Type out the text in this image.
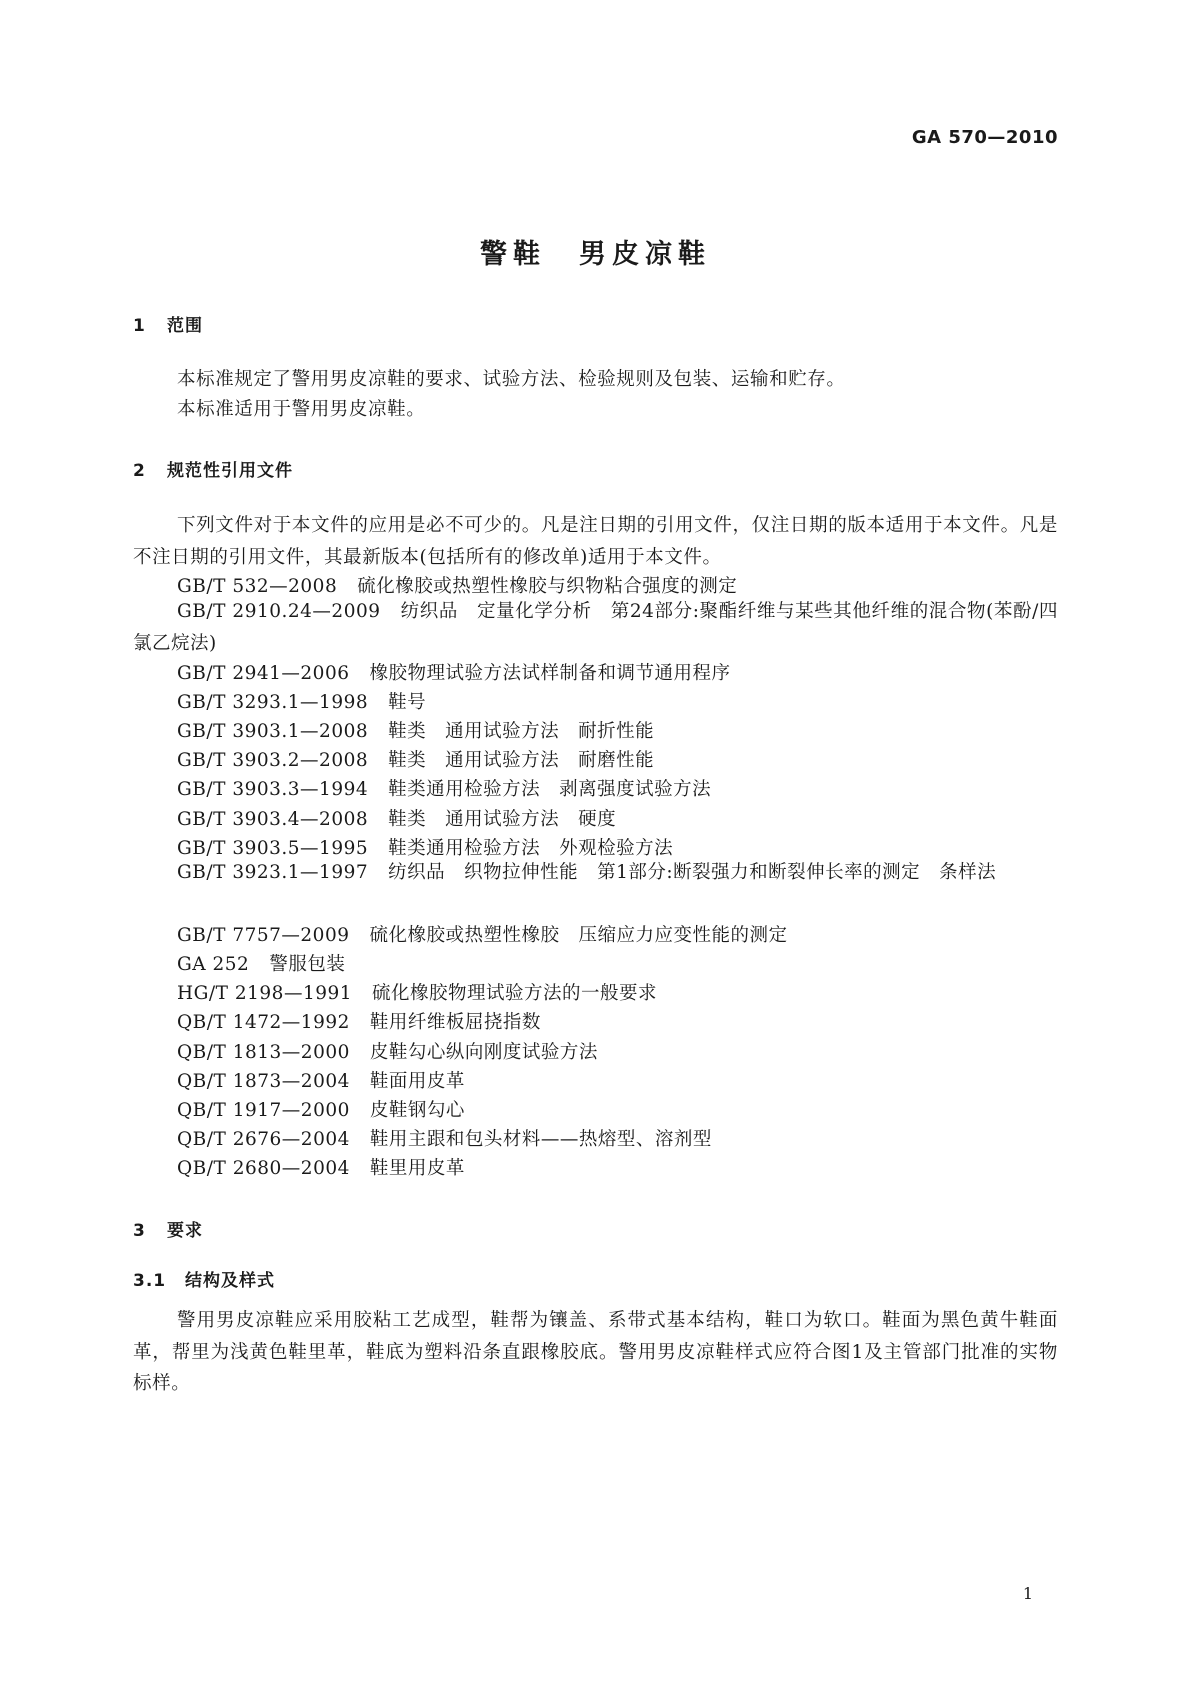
GA 570—2010
警鞋　男皮凉鞋
1 范围
本标准规定了警用男皮凉鞋的要求、试验方法、检验规则及包装、运输和贮存。
本标准适用于警用男皮凉鞋。
2 规范性引用文件
下列文件对于本文件的应用是必不可少的。凡是注日期的引用文件，仅注日期的版本适用于本文件。凡是不注日期的引用文件，其最新版本(包括所有的修改单)适用于本文件。
GB/T 532—2008 硫化橡胶或热塑性橡胶与织物粘合强度的测定
GB/T 2910.24—2009 纺织品　定量化学分析　第24部分:聚酯纤维与某些其他纤维的混合物(苯酚/四氯乙烷法)
GB/T 2941—2006 橡胶物理试验方法试样制备和调节通用程序
GB/T 3293.1—1998 鞋号
GB/T 3903.1—2008 鞋类　通用试验方法　耐折性能
GB/T 3903.2—2008 鞋类　通用试验方法　耐磨性能
GB/T 3903.3—1994 鞋类通用检验方法　剥离强度试验方法
GB/T 3903.4—2008 鞋类　通用试验方法　硬度
GB/T 3903.5—1995 鞋类通用检验方法　外观检验方法
GB/T 3923.1—1997 纺织品　织物拉伸性能　第1部分:断裂强力和断裂伸长率的测定　条样法
GB/T 7757—2009 硫化橡胶或热塑性橡胶　压缩应力应变性能的测定
GA 252 警服包装
HG/T 2198—1991 硫化橡胶物理试验方法的一般要求
QB/T 1472—1992 鞋用纤维板屈挠指数
QB/T 1813—2000 皮鞋勾心纵向刚度试验方法
QB/T 1873—2004 鞋面用皮革
QB/T 1917—2000 皮鞋钢勾心
QB/T 2676—2004 鞋用主跟和包头材料——热熔型、溶剂型
QB/T 2680—2004 鞋里用皮革
3 要求
3.1 结构及样式
警用男皮凉鞋应采用胶粘工艺成型，鞋帮为镶盖、系带式基本结构，鞋口为软口。鞋面为黑色黄牛鞋面革，帮里为浅黄色鞋里革，鞋底为塑料沿条直跟橡胶底。警用男皮凉鞋样式应符合图1及主管部门批准的实物标样。
1
